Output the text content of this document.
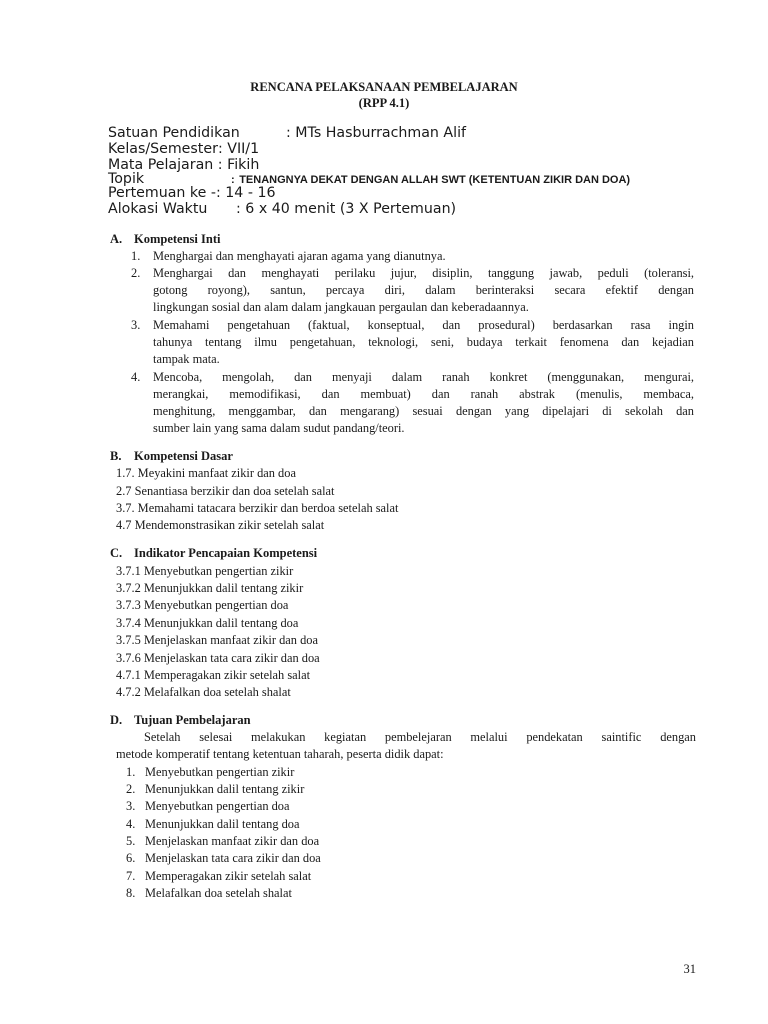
RENCANA PELAKSANAAN PEMBELAJARAN
(RPP 4.1)
Satuan Pendidikan	: MTs Hasburrachman Alif
Kelas/Semester: VII/1
Mata Pelajaran : Fikih
Topik	: TENANGNYA DEKAT DENGAN ALLAH SWT (KETENTUAN ZIKIR DAN DOA)
Pertemuan ke -: 14 - 16
Alokasi Waktu : 6 x 40 menit (3 X Pertemuan)
A. Kompetensi Inti
1. Menghargai dan menghayati ajaran agama yang dianutnya.
2. Menghargai dan menghayati perilaku jujur, disiplin, tanggung jawab, peduli (toleransi,
gotong royong), santun, percaya diri, dalam berinteraksi secara efektif dengan
lingkungan sosial dan alam dalam jangkauan pergaulan dan keberadaannya.
3. Memahami pengetahuan (faktual, konseptual, dan prosedural) berdasarkan rasa ingin
tahunya tentang ilmu pengetahuan, teknologi, seni, budaya terkait fenomena dan kejadian
tampak mata.
4. Mencoba, mengolah, dan menyaji dalam ranah konkret (menggunakan, mengurai,
merangkai, memodifikasi, dan membuat) dan ranah abstrak (menulis, membaca,
menghitung, menggambar, dan mengarang) sesuai dengan yang dipelajari di sekolah dan
sumber lain yang sama dalam sudut pandang/teori.
B. Kompetensi Dasar
1.7. Meyakini manfaat zikir dan doa
2.7 Senantiasa berzikir dan doa setelah salat
3.7. Memahami tatacara berzikir dan berdoa setelah salat
4.7 Mendemonstrasikan zikir setelah salat
C. Indikator Pencapaian Kompetensi
3.7.1 Menyebutkan pengertian zikir
3.7.2 Menunjukkan dalil tentang zikir
3.7.3 Menyebutkan pengertian doa
3.7.4 Menunjukkan dalil tentang doa
3.7.5 Menjelaskan manfaat zikir dan doa
3.7.6 Menjelaskan tata cara zikir dan doa
4.7.1 Memperagakan zikir setelah salat
4.7.2 Melafalkan doa setelah shalat
D. Tujuan Pembelajaran
Setelah selesai melakukan kegiatan pembelejaran melalui pendekatan saintific dengan
metode komperatif tentang ketentuan taharah, peserta didik dapat:
1. Menyebutkan pengertian zikir
2. Menunjukkan dalil tentang zikir
3. Menyebutkan pengertian doa
4. Menunjukkan dalil tentang doa
5. Menjelaskan manfaat zikir dan doa
6. Menjelaskan tata cara zikir dan doa
7. Memperagakan zikir setelah salat
8. Melafalkan doa setelah shalat
31
